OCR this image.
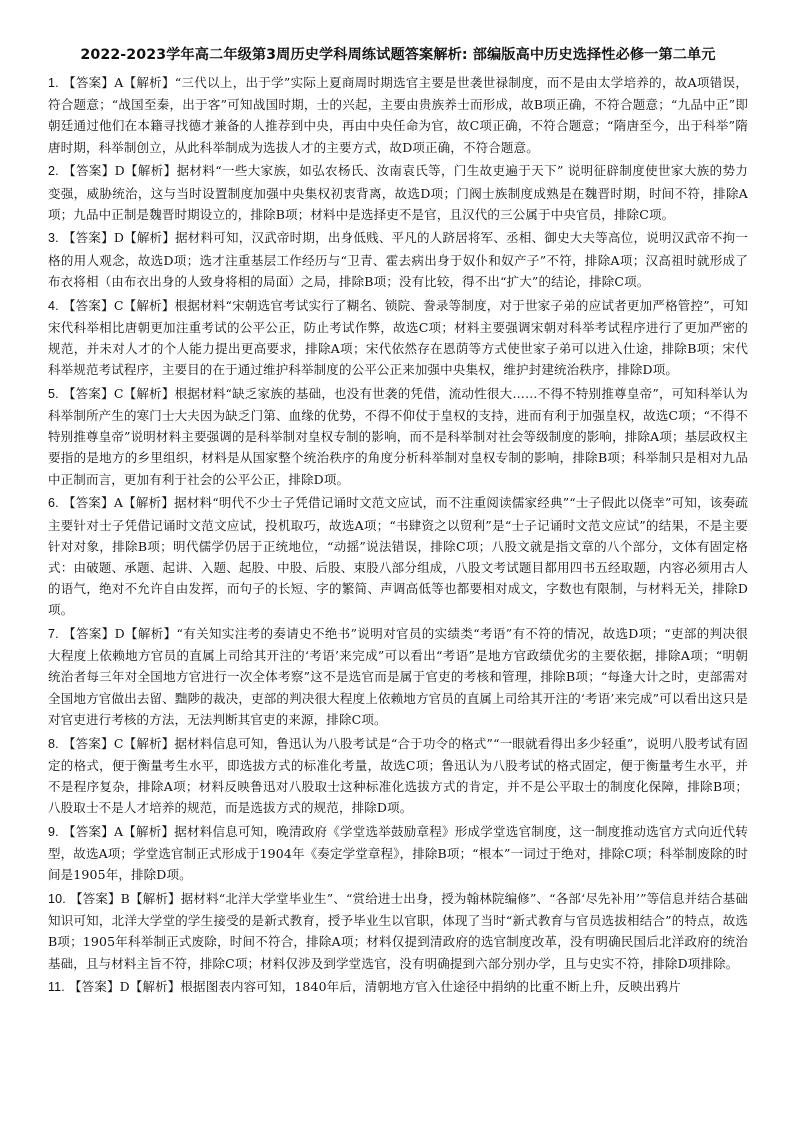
2022-2023学年高二年级第3周历史学科周练试题答案解析: 部编版高中历史选择性必修一第二单元

1. 【答案】A【解析】“三代以上，出于学”实际上夏商周时期选官主要是世袭世禄制度，而不是由太学培养的，故A项错误，符合题意；“战国至秦，出于客”可知战国时期，士的兴起，主要由贵族养士而形成，故B项正确，不符合题意；“九品中正”即朝廷通过他们在本籍寻找德才兼备的人推荐到中央，再由中央任命为官，故C项正确，不符合题意；“隋唐至今，出于科举”隋唐时期，科举制创立，从此科举制成为选拔人才的主要方式，故D项正确，不符合题意。

2. 【答案】D【解析】据材料“一些大家族，如弘农杨氏、汝南袁氏等，门生故吏遍于天下” 说明征辟制度使世家大族的势力变强，威胁统治，这与当时设置制度加强中央集权初衷背离，故选D项；门阀士族制度成熟是在魏晋时期，时间不符，排除A项；九品中正制是魏晋时期设立的，排除B项；材料中是选择吏不是官，且汉代的三公属于中央官员，排除C项。

3. 【答案】D【解析】据材料可知，汉武帝时期，出身低贱、平凡的人跻居将军、丞相、御史大夫等高位，说明汉武帝不拘一格的用人观念，故选D项；选才注重基层工作经历与“卫青、霍去病出身于奴仆和奴产子”不符，排除A项；汉高祖时就形成了布衣将相（由布衣出身的人致身将相的局面）之局，排除B项；没有比较，得不出“扩大”的结论，排除C项。

4. 【答案】C【解析】根据材料“宋朝选官考试实行了糊名、锁院、誊录等制度，对于世家子弟的应试者更加严格管控”，可知宋代科举相比唐朝更加注重考试的公平公正，防止考试作弊，故选C项；材料主要强调宋朝对科举考试程序进行了更加严密的规范，并未对人才的个人能力提出更高要求，排除A项；宋代依然存在恩荫等方式使世家子弟可以进入仕途，排除B项；宋代科举规范考试程序，主要目的在于通过维护科举制度的公平公正来加强中央集权，维护封建统治秩序，排除D项。

5. 【答案】C【解析】根据材料“缺乏家族的基础，也没有世袭的凭借，流动性很大……不得不特别推尊皇帝”，可知科举认为科举制所产生的寒门士大夫因为缺乏门第、血缘的优势，不得不仰仗于皇权的支持，进而有利于加强皇权，故选C项；“不得不特别推尊皇帝”说明材料主要强调的是科举制对皇权专制的影响，而不是科举制对社会等级制度的影响，排除A项；基层政权主要指的是地方的乡里组织，材料是从国家整个统治秩序的角度分析科举制对皇权专制的影响，排除B项；科举制只是相对九品中正制而言，更加有利于社会的公平公正，排除D项。

6. 【答案】A【解析】据材料“明代不少士子凭借记诵时文范文应试，而不注重阅读儒家经典”“士子假此以侥幸”可知，该奏疏主要针对士子凭借记诵时文范文应试，投机取巧，故选A项；“书肆资之以贸利”是“士子记诵时文范文应试”的结果，不是主要针对对象，排除B项；明代儒学仍居于正统地位，“动摇”说法错误，排除C项；八股文就是指文章的八个部分，文体有固定格式：由破题、承题、起讲、入题、起股、中股、后股、束股八部分组成，八股文考试题目都用四书五经取题，内容必须用古人的语气，绝对不允许自由发挥，而句子的长短、字的繁简、声调高低等也都要相对成文，字数也有限制，与材料无关，排除D项。

7. 【答案】D【解析】“有关知实注考的奏请史不绝书”说明对官员的实绩类“考语”有不符的情况，故选D项；“吏部的判决很大程度上依赖地方官员的直属上司给其开注的‘考语’来完成”可以看出“考语”是地方官政绩优劣的主要依据，排除A项；“明朝统治者每三年对全国地方官进行一次全体考察”这不是选官而是属于官吏的考核和管理，排除B项；“每逢大计之时，吏部需对全国地方官做出去留、黜陟的裁决，吏部的判决很大程度上依赖地方官员的直属上司给其开注的‘考语’来完成”可以看出这只是对官吏进行考核的方法，无法判断其官吏的来源，排除C项。

8. 【答案】C【解析】据材料信息可知，鲁迅认为八股考试是“合于功令的格式”“一眼就看得出多少轻重”，说明八股考试有固定的格式，便于衡量考生水平，即选拔方式的标准化考量，故选C项；鲁迅认为八股考试的格式固定，便于衡量考生水平，并不是程序复杂，排除A项；材料反映鲁迅对八股取士这种标准化选拔方式的肯定，并不是公平取士的制度化保障，排除B项；八股取士不是人才培养的规范，而是选拔方式的规范，排除D项。

9. 【答案】A【解析】据材料信息可知，晚清政府《学堂选举鼓励章程》形成学堂选官制度，这一制度推动选官方式向近代转型，故选A项；学堂选官制正式形成于1904年《奏定学堂章程》，排除B项；“根本”一词过于绝对，排除C项；科举制废除的时间是1905年，排除D项。

10. 【答案】B【解析】据材料“北洋大学堂毕业生”、“赏给进士出身，授为翰林院编修”、“各部‘尽先补用’”等信息并结合基础知识可知，北洋大学堂的学生接受的是新式教育，授予毕业生以官职，体现了当时“新式教育与官员选拔相结合”的特点，故选B项；1905年科举制正式废除，时间不符合，排除A项；材料仅提到清政府的选官制度改革，没有明确民国后北洋政府的统治基础，且与材料主旨不符，排除C项；材料仅涉及到学堂选官，没有明确提到六部分别办学，且与史实不符，排除D项排除。

11. 【答案】D【解析】根据图表内容可知，1840年后，清朝地方官入仕途径中捐纳的比重不断上升，反映出鸦片
